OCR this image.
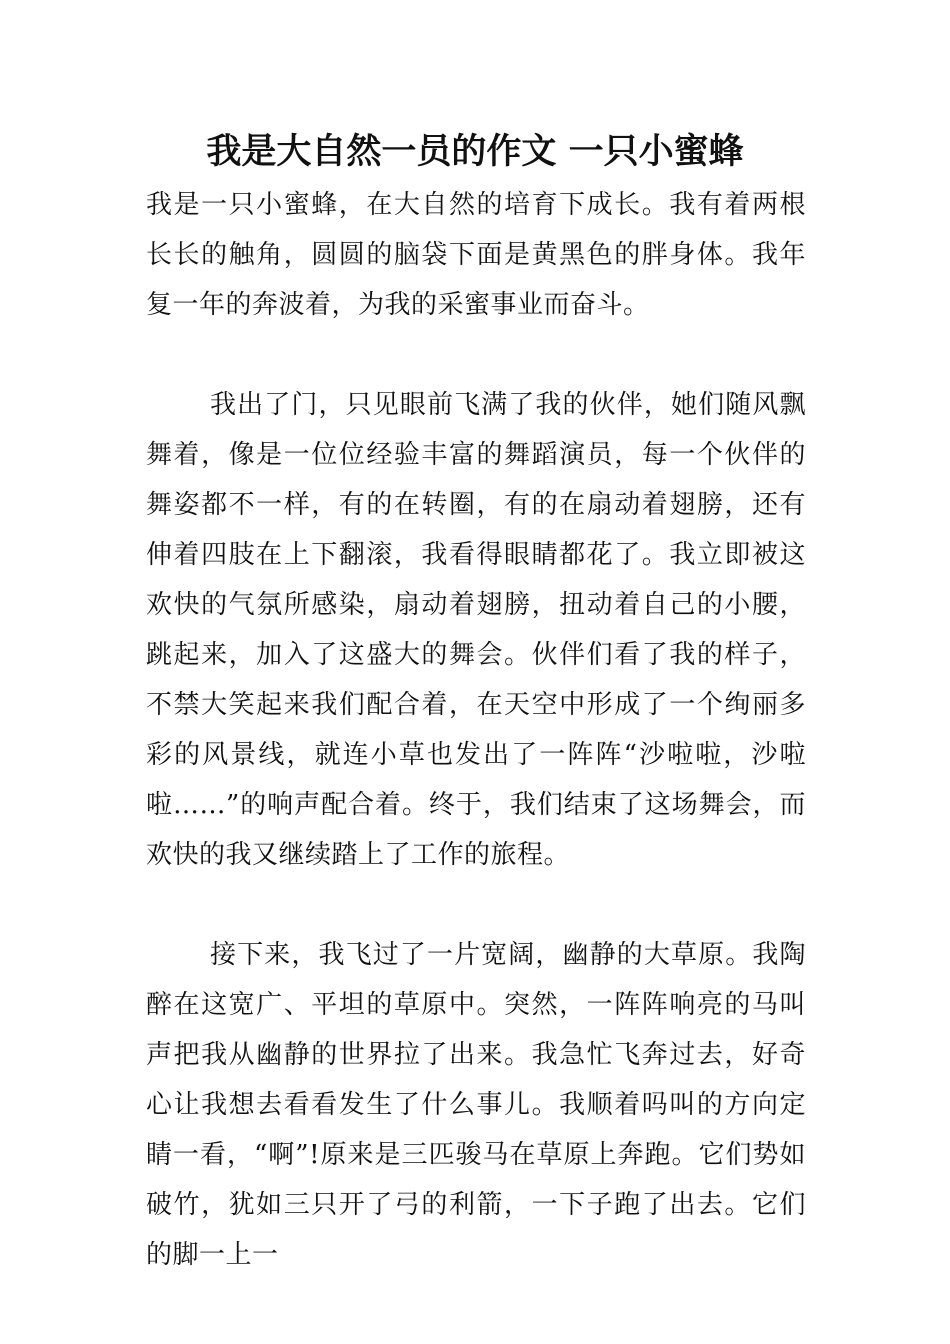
我是大自然一员的作文 一只小蜜蜂

我是一只小蜜蜂，在大自然的培育下成长。我有着两根长长的触角，圆圆的脑袋下面是黄黑色的胖身体。我年复一年的奔波着，为我的采蜜事业而奋斗。

我出了门，只见眼前飞满了我的伙伴，她们随风飘舞着，像是一位位经验丰富的舞蹈演员，每一个伙伴的舞姿都不一样，有的在转圈，有的在扇动着翅膀，还有伸着四肢在上下翻滚，我看得眼睛都花了。我立即被这欢快的气氛所感染，扇动着翅膀，扭动着自己的小腰，跳起来，加入了这盛大的舞会。伙伴们看了我的样子，不禁大笑起来我们配合着，在天空中形成了一个绚丽多彩的风景线，就连小草也发出了一阵阵“沙啦啦，沙啦啦……”的响声配合着。终于，我们结束了这场舞会，而欢快的我又继续踏上了工作的旅程。

接下来，我飞过了一片宽阔，幽静的大草原。我陶醉在这宽广、平坦的草原中。突然，一阵阵响亮的马叫声把我从幽静的世界拉了出来。我急忙飞奔过去，好奇心让我想去看看发生了什么事儿。我顺着吗叫的方向定睛一看，“啊”!原来是三匹骏马在草原上奔跑。它们势如破竹，犹如三只开了弓的利箭，一下子跑了出去。它们的脚一上一
